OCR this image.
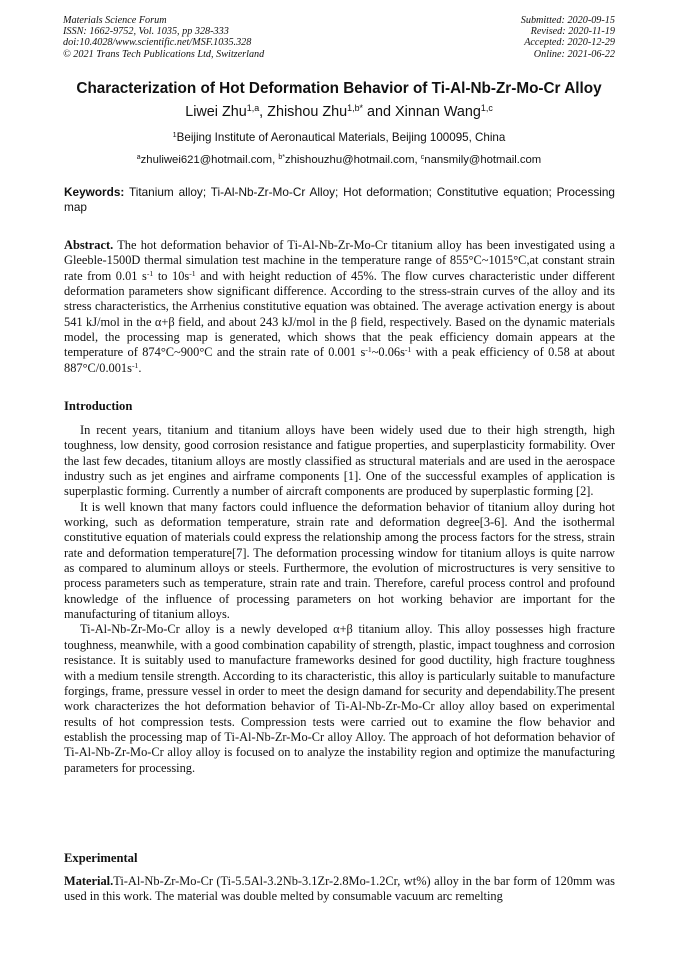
Materials Science Forum
ISSN: 1662-9752, Vol. 1035, pp 328-333
doi:10.4028/www.scientific.net/MSF.1035.328
© 2021 Trans Tech Publications Ltd, Switzerland
Submitted: 2020-09-15
Revised: 2020-11-19
Accepted: 2020-12-29
Online: 2021-06-22
Characterization of Hot Deformation Behavior of Ti-Al-Nb-Zr-Mo-Cr Alloy
Liwei Zhu$^{1,a}$, Zhishou Zhu$^{1,b*}$ and Xinnan Wang$^{1,c}$
$^1$Beijing Institute of Aeronautical Materials, Beijing 100095, China
$^a$zhuliwei621@hotmail.com, $^{b*}$zhishouzhu@hotmail.com, $^c$nansmily@hotmail.com
Keywords: Titanium alloy; Ti-Al-Nb-Zr-Mo-Cr Alloy; Hot deformation; Constitutive equation; Processing map
Abstract. The hot deformation behavior of Ti-Al-Nb-Zr-Mo-Cr titanium alloy has been investigated using a Gleeble-1500D thermal simulation test machine in the temperature range of 855°C~1015°C,at constant strain rate from 0.01 $s^{-1}$ to $10s^{-1}$ and with height reduction of 45%. The flow curves characteristic under different deformation parameters show significant difference. According to the stress-strain curves of the alloy and its stress characteristics, the Arrhenius constitutive equation was obtained. The average activation energy is about 541 kJ/mol in the α+β field, and about 243 kJ/mol in the β field, respectively. Based on the dynamic materials model, the processing map is generated, which shows that the peak efficiency domain appears at the temperature of 874°C~900°C and the strain rate of 0.001 $s^{-1}\sim 0.06s^{-1}$ with a peak efficiency of 0.58 at about $887^\circ C/0.001s^{-1}$.
Introduction

In recent years, titanium and titanium alloys have been widely used due to their high strength, high toughness, low density, good corrosion resistance and fatigue properties, and superplasticity formability. Over the last few decades, titanium alloys are mostly classified as structural materials and are used in the aerospace industry such as jet engines and airframe components [1]. One of the successful examples of application is superplastic forming. Currently a number of aircraft components are produced by superplastic forming [2].

It is well known that many factors could influence the deformation behavior of titanium alloy during hot working, such as deformation temperature, strain rate and deformation degree[3-6]. And the isothermal constitutive equation of materials could express the relationship among the process factors for the stress, strain rate and deformation temperature[7]. The deformation processing window for titanium alloys is quite narrow as compared to aluminum alloys or steels. Furthermore, the evolution of microstructures is very sensitive to process parameters such as temperature, strain rate and train. Therefore, careful process control and profound knowledge of the influence of processing parameters on hot working behavior are important for the manufacturing of titanium alloys.

Ti-Al-Nb-Zr-Mo-Cr alloy is a newly developed α+β titanium alloy. This alloy possesses high fracture toughness, meanwhile, with a good combination capability of strength, plastic, impact toughness and corrosion resistance. It is suitably used to manufacture frameworks desined for good ductility, high fracture toughness with a medium tensile strength. According to its characteristic, this alloy is particularly suitable to manufacture forgings, frame, pressure vessel in order to meet the design damand for security and dependability.The present work characterizes the hot deformation behavior of Ti-Al-Nb-Zr-Mo-Cr alloy alloy based on experimental results of hot compression tests. Compression tests were carried out to examine the flow behavior and establish the processing map of Ti-Al-Nb-Zr-Mo-Cr alloy Alloy. The approach of hot deformation behavior of Ti-Al-Nb-Zr-Mo-Cr alloy alloy is focused on to analyze the instability region and optimize the manufacturing parameters for processing.

Experimental
Material.Ti-Al-Nb-Zr-Mo-Cr (Ti-5.5Al-3.2Nb-3.1Zr-2.8Mo-1.2Cr, wt%) alloy in the bar form of 120mm was used in this work. The material was double melted by consumable vacuum arc remelting
